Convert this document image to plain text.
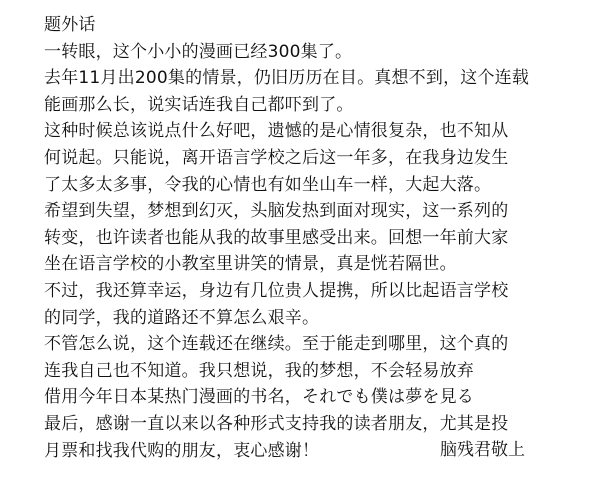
题外话
一转眼，这个小小的漫画已经300集了。
去年11月出200集的情景，仍旧历历在目。真想不到，这个连载
能画那么长，说实话连我自己都吓到了。
这种时候总该说点什么好吧，遗憾的是心情很复杂，也不知从
何说起。只能说，离开语言学校之后这一年多，在我身边发生
了太多太多事，令我的心情也有如坐山车一样，大起大落。
希望到失望，梦想到幻灭，头脑发热到面对现实，这一系列的
转变，也许读者也能从我的故事里感受出来。回想一年前大家
坐在语言学校的小教室里讲笑的情景，真是恍若隔世。
不过，我还算幸运，身边有几位贵人提携，所以比起语言学校
的同学，我的道路还不算怎么艰辛。
不管怎么说，这个连载还在继续。至于能走到哪里，这个真的
连我自己也不知道。我只想说，我的梦想，不会轻易放弃
借用今年日本某热门漫画的书名，それでも僕は夢を見る
最后，感谢一直以来以各种形式支持我的读者朋友，尤其是投
月票和找我代购的朋友，衷心感谢！	脑残君敬上
